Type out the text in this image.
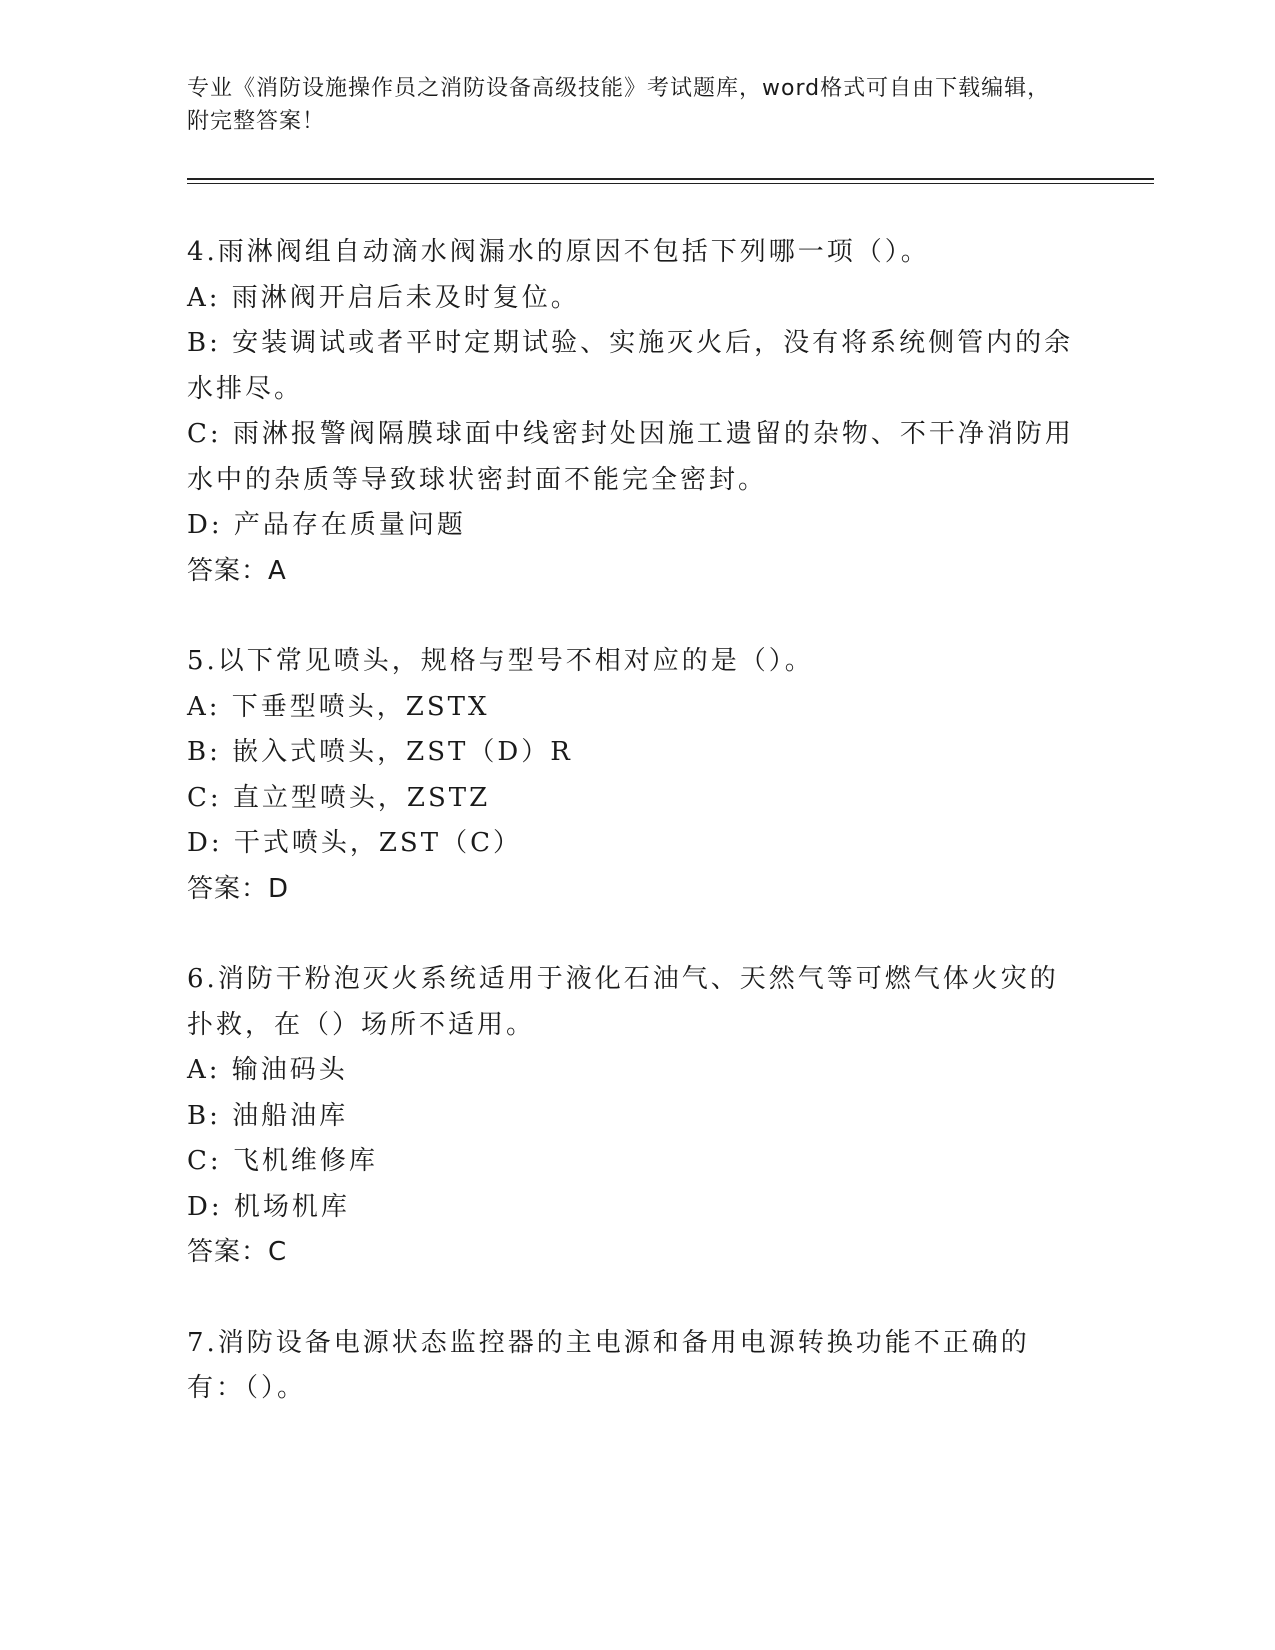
专业《消防设施操作员之消防设备高级技能》考试题库，word格式可自由下载编辑，附完整答案！
4.雨淋阀组自动滴水阀漏水的原因不包括下列哪一项（）。
A: 雨淋阀开启后未及时复位。
B: 安装调试或者平时定期试验、实施灭火后，没有将系统侧管内的余水排尽。
C: 雨淋报警阀隔膜球面中线密封处因施工遗留的杂物、不干净消防用水中的杂质等导致球状密封面不能完全密封。
D: 产品存在质量问题
答案：A
5.以下常见喷头，规格与型号不相对应的是（）。
A: 下垂型喷头，ZSTX
B: 嵌入式喷头，ZST（D）R
C: 直立型喷头，ZSTZ
D: 干式喷头，ZST（C）
答案：D
6.消防干粉泡灭火系统适用于液化石油气、天然气等可燃气体火灾的扑救，在（）场所不适用。
A: 输油码头
B: 油船油库
C: 飞机维修库
D: 机场机库
答案：C
7.消防设备电源状态监控器的主电源和备用电源转换功能不正确的有：（）。
